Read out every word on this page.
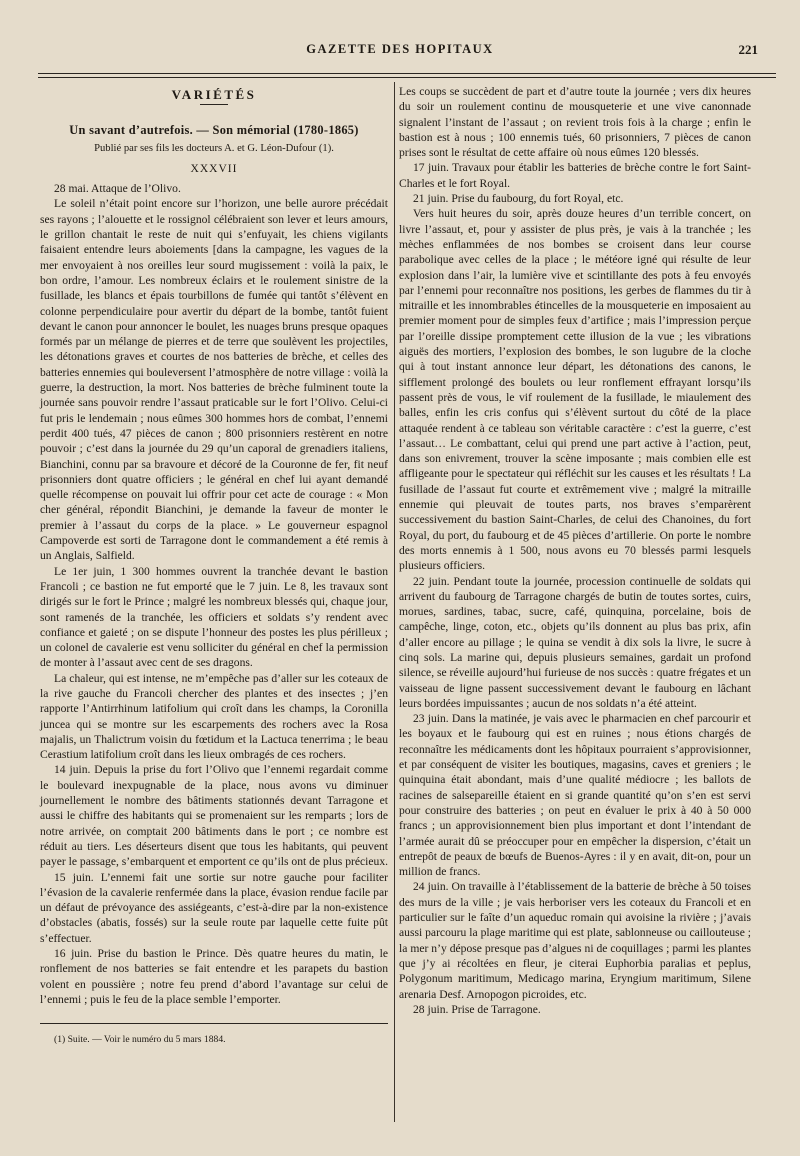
GAZETTE DES HOPITAUX	221
VARIÉTÉS
Un savant d’autrefois. — Son mémorial (1780-1865)
Publié par ses fils les docteurs A. et G. Léon-Dufour (1).
XXXVII

28 mai. Attaque de l’Olivo.

Le soleil n’était point encore sur l’horizon, une belle aurore précédait ses rayons ; l’alouette et le rossignol célébraient son lever et leurs amours, le grillon chantait le reste de nuit qui s’enfuyait, les chiens vigilants faisaient entendre leurs aboiements [dans la campagne, les vagues de la mer envoyaient à nos oreilles leur sourd mugissement : voilà la paix, le bon ordre, l’amour. Les nombreux éclairs et le roulement sinistre de la fusillade, les blancs et épais tourbillons de fumée qui tantôt s’élèvent en colonne perpendiculaire pour avertir du départ de la bombe, tantôt fuient devant le canon pour annoncer le boulet, les nuages bruns presque opaques formés par un mélange de pierres et de terre que soulèvent les projectiles, les détonations graves et courtes de nos batteries de brèche, et celles des batteries ennemies qui bouleversent l’atmosphère de notre village : voilà la guerre, la destruction, la mort. Nos batteries de brèche fulminent toute la journée sans pouvoir rendre l’assaut praticable sur le fort l’Olivo. Celui-ci fut pris le lendemain ; nous eûmes 300 hommes hors de combat, l’ennemi perdit 400 tués, 47 pièces de canon ; 800 prisonniers restèrent en notre pouvoir ; c’est dans la journée du 29 qu’un caporal de grenadiers italiens, Bianchini, connu par sa bravoure et décoré de la Couronne de fer, fit neuf prisonniers dont quatre officiers ; le général en chef lui ayant demandé quelle récompense on pouvait lui offrir pour cet acte de courage : « Mon cher général, répondit Bianchini, je demande la faveur de monter le premier à l’assaut du corps de la place. » Le gouverneur espagnol Campoverde est sorti de Tarragone dont le commandement a été remis à un Anglais, Salfield.

Le 1er juin, 1 300 hommes ouvrent la tranchée devant le bastion Francoli ; ce bastion ne fut emporté que le 7 juin. Le 8, les travaux sont dirigés sur le fort le Prince ; malgré les nombreux blessés qui, chaque jour, sont ramenés de la tranchée, les officiers et soldats s’y rendent avec confiance et gaieté ; on se dispute l’honneur des postes les plus périlleux ; un colonel de cavalerie est venu solliciter du général en chef la permission de monter à l’assaut avec cent de ses dragons.

La chaleur, qui est intense, ne m’empêche pas d’aller sur les coteaux de la rive gauche du Francoli chercher des plantes et des insectes ; j’en rapporte l’Antirrhinum latifolium qui croît dans les champs, la Coronilla juncea qui se montre sur les escarpements des rochers avec la Rosa majalis, un Thalictrum voisin du fœtidum et la Lactuca tenerrima ; le beau Cerastium latifolium croît dans les lieux ombragés de ces rochers.

14 juin. Depuis la prise du fort l’Olivo que l’ennemi regardait comme le boulevard inexpugnable de la place, nous avons vu diminuer journellement le nombre des bâtiments stationnés devant Tarragone et aussi le chiffre des habitants qui se promenaient sur les remparts ; lors de notre arrivée, on comptait 200 bâtiments dans le port ; ce nombre est réduit au tiers. Les déserteurs disent que tous les habitants, qui peuvent payer le passage, s’embarquent et emportent ce qu’ils ont de plus précieux.

15 juin. L’ennemi fait une sortie sur notre gauche pour faciliter l’évasion de la cavalerie renfermée dans la place, évasion rendue facile par un défaut de prévoyance des assiégeants, c’est-à-dire par la non-existence d’obstacles (abatis, fossés) sur la seule route par laquelle cette fuite pût s’effectuer.

16 juin. Prise du bastion le Prince. Dès quatre heures du matin, le ronflement de nos batteries se fait entendre et les parapets du bastion volent en poussière ; notre feu prend d’abord l’avantage sur celui de l’ennemi ; puis le feu de la place semble l’emporter.

(1) Suite. — Voir le numéro du 5 mars 1884.

Les coups se succèdent de part et d’autre toute la journée ; vers dix heures du soir un roulement continu de mousqueterie et une vive canonnade signalent l’instant de l’assaut ; on revient trois fois à la charge ; enfin le bastion est à nous ; 100 ennemis tués, 60 prisonniers, 7 pièces de canon prises sont le résultat de cette affaire où nous eûmes 120 blessés.

17 juin. Travaux pour établir les batteries de brèche contre le fort Saint-Charles et le fort Royal.

21 juin. Prise du faubourg, du fort Royal, etc.

Vers huit heures du soir, après douze heures d’un terrible concert, on livre l’assaut, et, pour y assister de plus près, je vais à la tranchée ; les mèches enflammées de nos bombes se croisent dans leur course parabolique avec celles de la place ; le météore igné qui résulte de leur explosion dans l’air, la lumière vive et scintillante des pots à feu envoyés par l’ennemi pour reconnaître nos positions, les gerbes de flammes du tir à mitraille et les innombrables étincelles de la mousqueterie en imposaient au premier moment pour de simples feux d’artifice ; mais l’impression perçue par l’oreille dissipe promptement cette illusion de la vue ; les vibrations aiguës des mortiers, l’explosion des bombes, le son lugubre de la cloche qui à tout instant annonce leur départ, les détonations des canons, le sifflement prolongé des boulets ou leur ronflement effrayant lorsqu’ils passent près de vous, le vif roulement de la fusillade, le miaulement des balles, enfin les cris confus qui s’élèvent surtout du côté de la place attaquée rendent à ce tableau son véritable caractère : c’est la guerre, c’est l’assaut… Le combattant, celui qui prend une part active à l’action, peut, dans son enivrement, trouver la scène imposante ; mais combien elle est affligeante pour le spectateur qui réfléchit sur les causes et les résultats ! La fusillade de l’assaut fut courte et extrêmement vive ; malgré la mitraille ennemie qui pleuvait de toutes parts, nos braves s’emparèrent successivement du bastion Saint-Charles, de celui des Chanoines, du fort Royal, du port, du faubourg et de 45 pièces d’artillerie. On porte le nombre des morts ennemis à 1 500, nous avons eu 70 blessés parmi lesquels plusieurs officiers.

22 juin. Pendant toute la journée, procession continuelle de soldats qui arrivent du faubourg de Tarragone chargés de butin de toutes sortes, cuirs, morues, sardines, tabac, sucre, café, quinquina, porcelaine, bois de campêche, linge, coton, etc., objets qu’ils donnent au plus bas prix, afin d’aller encore au pillage ; le quina se vendit à dix sols la livre, le sucre à cinq sols. La marine qui, depuis plusieurs semaines, gardait un profond silence, se réveille aujourd’hui furieuse de nos succès : quatre frégates et un vaisseau de ligne passent successivement devant le faubourg en lâchant leurs bordées impuissantes ; aucun de nos soldats n’a été atteint.

23 juin. Dans la matinée, je vais avec le pharmacien en chef parcourir et les boyaux et le faubourg qui est en ruines ; nous étions chargés de reconnaître les médicaments dont les hôpitaux pourraient s’approvisionner, et par conséquent de visiter les boutiques, magasins, caves et greniers ; le quinquina était abondant, mais d’une qualité médiocre ; les ballots de racines de salsepareille étaient en si grande quantité qu’on s’en est servi pour construire des batteries ; on peut en évaluer le prix à 40 à 50 000 francs ; un approvisionnement bien plus important et dont l’intendant de l’armée aurait dû se préoccuper pour en empêcher la dispersion, c’était un entrepôt de peaux de bœufs de Buenos-Ayres : il y en avait, dit-on, pour un million de francs.

24 juin. On travaille à l’établissement de la batterie de brèche à 50 toises des murs de la ville ; je vais herboriser vers les coteaux du Francoli et en particulier sur le faîte d’un aqueduc romain qui avoisine la rivière ; j’avais aussi parcouru la plage maritime qui est plate, sablonneuse ou caillouteuse ; la mer n’y dépose presque pas d’algues ni de coquillages ; parmi les plantes que j’y ai récoltées en fleur, je citerai Euphorbia paralias et peplus, Polygonum maritimum, Medicago marina, Eryngium maritimum, Silene arenaria Desf. Arnopogon picroides, etc.

28 juin. Prise de Tarragone.
